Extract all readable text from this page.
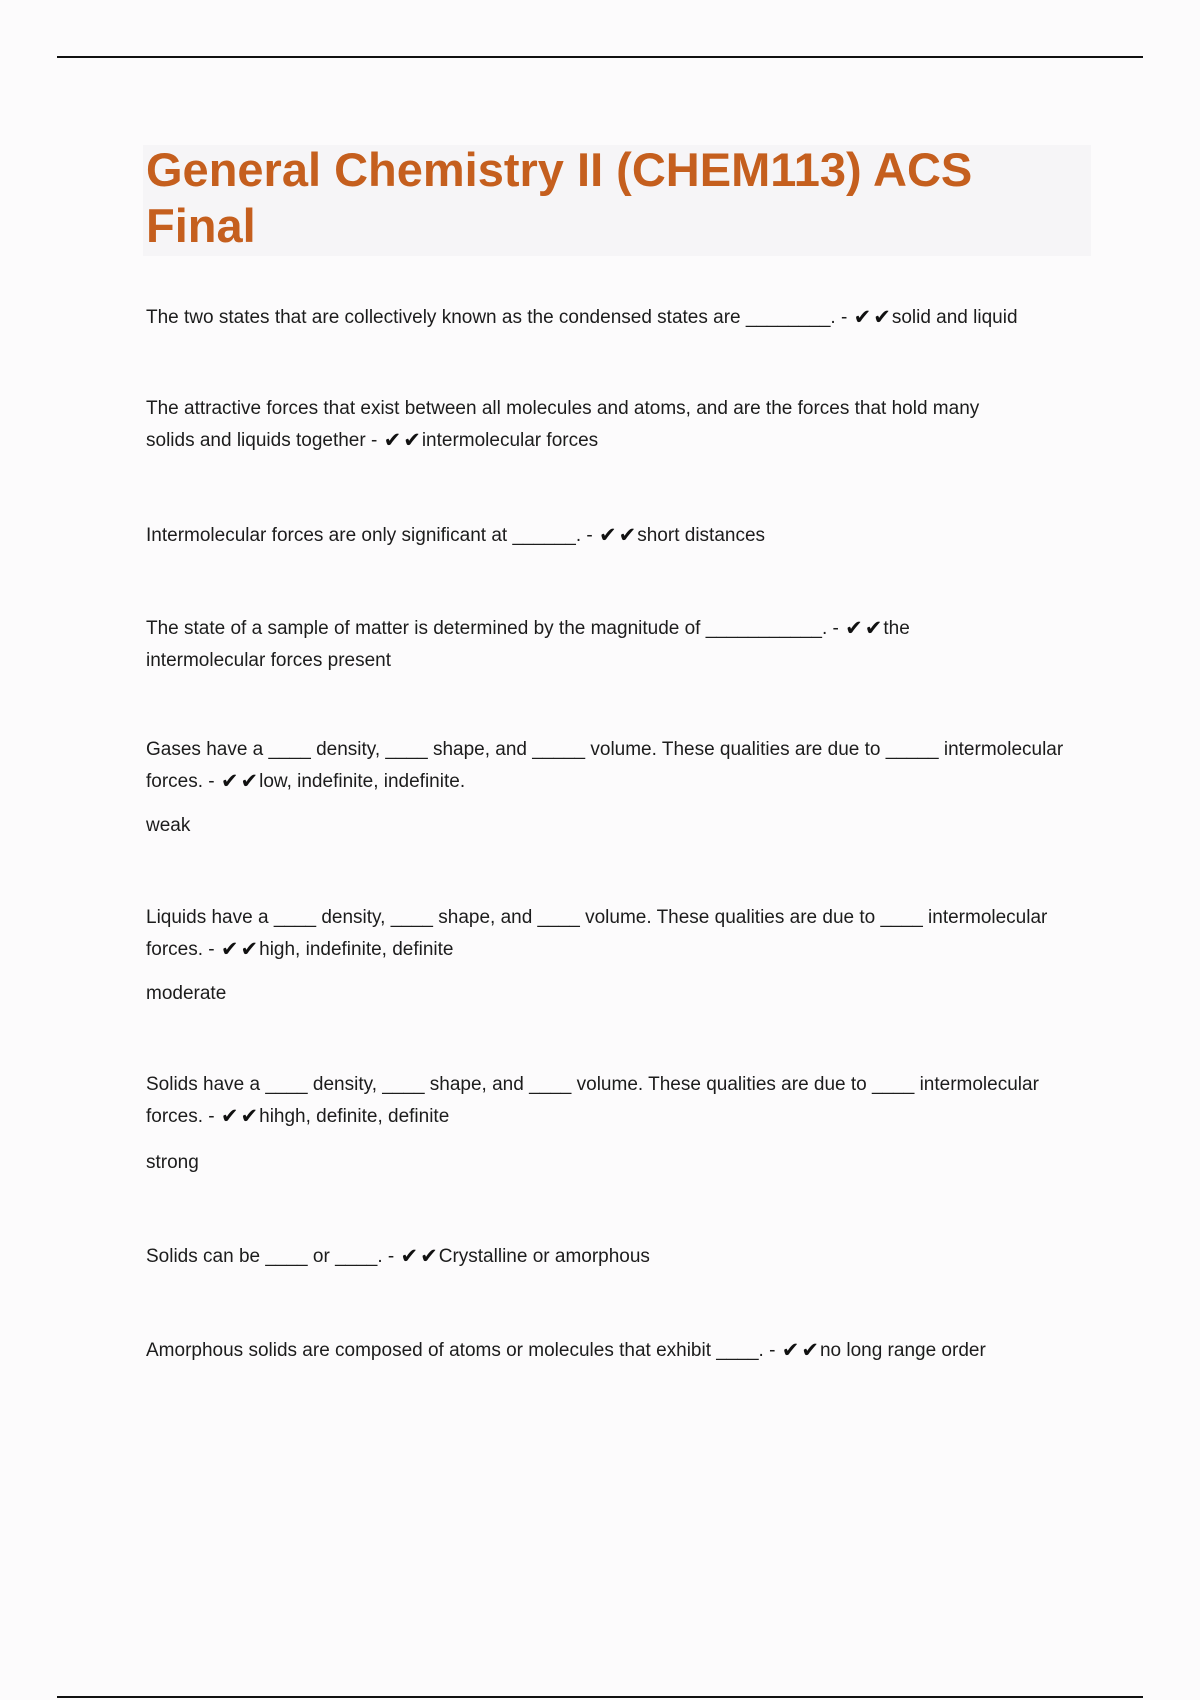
General Chemistry II (CHEM113) ACS Final
The two states that are collectively known as the condensed states are ________. - ✔✔solid and liquid
The attractive forces that exist between all molecules and atoms, and are the forces that hold many
solids and liquids together - ✔✔intermolecular forces
Intermolecular forces are only significant at ______. - ✔✔short distances
The state of a sample of matter is determined by the magnitude of ___________. - ✔✔the
intermolecular forces present
Gases have a ____ density, ____ shape, and _____ volume. These qualities are due to _____ intermolecular
forces. - ✔✔low, indefinite, indefinite.
weak
Liquids have a ____ density, ____ shape, and ____ volume. These qualities are due to ____ intermolecular
forces. - ✔✔high, indefinite, definite
moderate
Solids have a ____ density, ____ shape, and ____ volume. These qualities are due to ____ intermolecular
forces. - ✔✔hihgh, definite, definite
strong
Solids can be ____ or ____. - ✔✔Crystalline or amorphous
Amorphous solids are composed of atoms or molecules that exhibit ____. - ✔✔no long range order
